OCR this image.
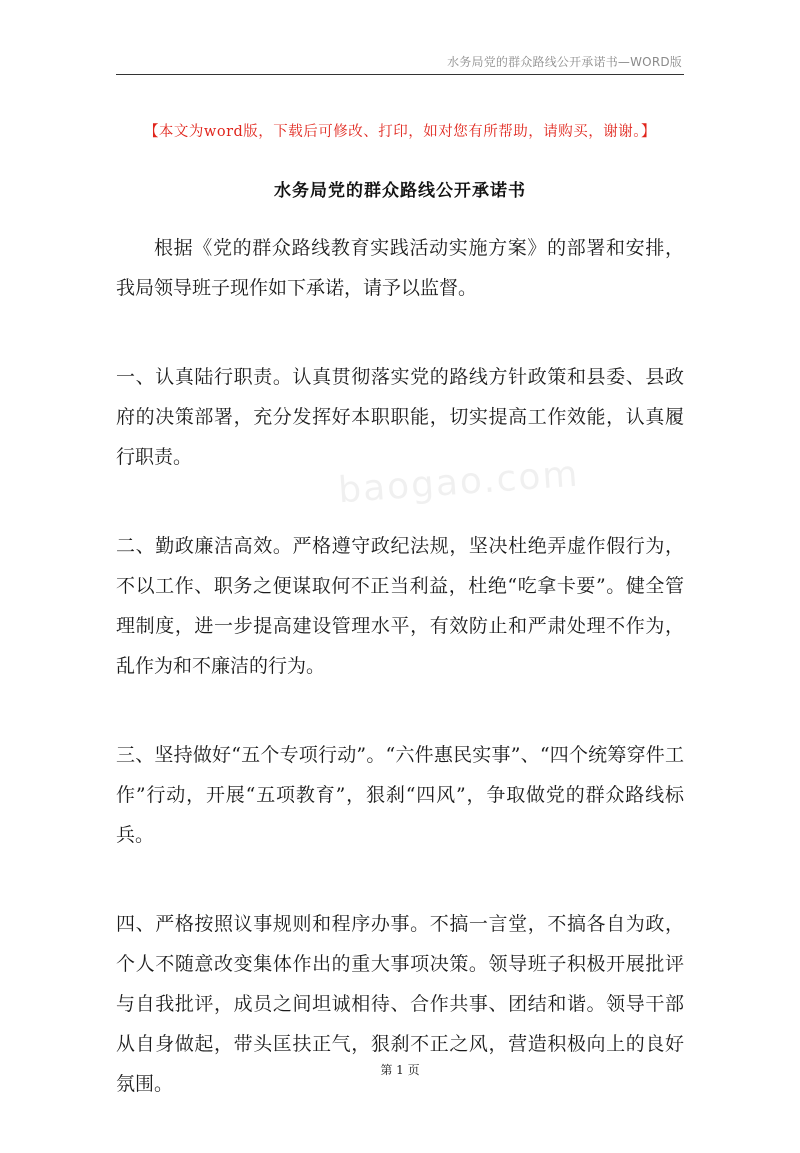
水务局党的群众路线公开承诺书—WORD版
【本文为word版，下载后可修改、打印，如对您有所帮助，请购买，谢谢。】
水务局党的群众路线公开承诺书
baogao.com

根据《党的群众路线教育实践活动实施方案》的部署和安排，我局领导班子现作如下承诺，请予以监督。

一、认真陆行职责。认真贯彻落实党的路线方针政策和县委、县政府的决策部署，充分发挥好本职职能，切实提高工作效能，认真履行职责。

二、勤政廉洁高效。严格遵守政纪法规，坚决杜绝弄虚作假行为，不以工作、职务之便谋取何不正当利益，杜绝“吃拿卡要”。健全管理制度，进一步提高建设管理水平，有效防止和严肃处理不作为，乱作为和不廉洁的行为。

三、坚持做好“五个专项行动”。“六件惠民实事”、“四个统筹穿件工作”行动，开展“五项教育”，狠刹“四风”，争取做党的群众路线标兵。

四、严格按照议事规则和程序办事。不搞一言堂，不搞各自为政，个人不随意改变集体作出的重大事项决策。领导班子积极开展批评与自我批评，成员之间坦诚相待、合作共事、团结和谐。领导干部从自身做起，带头匡扶正气，狠刹不正之风，营造积极向上的良好氛围。

第 1 页
